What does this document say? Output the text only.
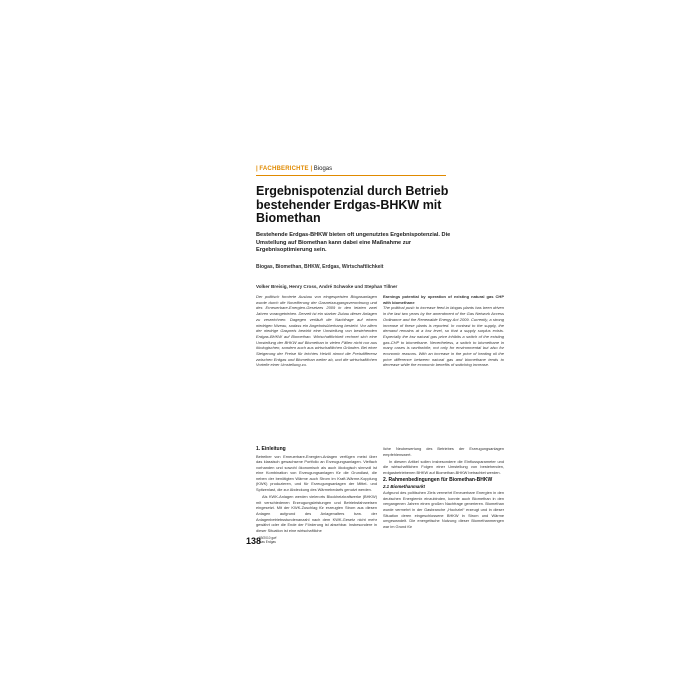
| FACHBERICHTE | Biogas
Ergebnispotenzial durch Betrieb bestehender Erdgas-BHKW mit Biomethan

Bestehende Erdgas-BHKW bieten oft ungenutztes Ergebnispotenzial. Die Umstellung auf Biomethan kann dabei eine Maßnahme zur Ergebnisoptimierung sein.

Biogas, Biomethan, BHKW, Erdgas, Wirtschaftlichkeit

Volker Breisig, Henry Cross, André Schwoke und Stephan Tillner

Der politisch forcierte Ausbau von eingespeisten Biogasanlagen wurde durch die Novellierung der Gasnetzzugangsverordnung und des Erneuerbare-Energien-Gesetzes 2009 in den letzten zwei Jahren vorangetrieben. Derzeit ist ein starker Zubau dieser Anlagen zu verzeichnen. Dagegen verläuft die Nachfrage auf einem niedrigen Niveau, sodass ein Angebotsüberhang besteht. Vor allem der niedrige Gaspreis bewirkt eine Umstellung von bestehenden Erdgas-BHKW auf Biomethan. Wirtschaftlichkeit rechnet sich eine Umstellung der BHKW auf Biomethan in vielen Fällen nicht nur aus ökologischen, sondern auch aus wirtschaftlichen Gründen. Bei einer Steigerung der Preise für leichtes Heizöl nimmt die Preisdifferenz zwischen Erdgas und Biomethan weiter ab, und die wirtschaftlichen Vorteile einer Umstellung zu.

Earnings potential by operation of existing natural gas CHP with biomethane
The political push to increase feed-in biogas plants has been driven in the last two years by the amendment of the Gas Network Access Ordinance and the Renewable Energy Act 2009. Currently, a strong increase of these plants is reported. In contrast to the supply, the demand remains at a low level, so that a supply surplus exists. Especially the low natural gas price inhibits a switch of the existing gas-CHP to biomethane. Nevertheless, a switch to biomethane in many cases is worthwhile, not only for environmental but also for economic reasons. With an increase in the price of heating oil the price difference between natural gas and biomethane tends to decrease while the economic benefits of switching increase.

1. Einleitung

Betreiber von Erneuerbare-Energien-Anlagen verfügen meist über das klassisch gewachsene Portfolio an Erzeugungsanlagen. Vielfach vorhanden und sowohl ökonomisch als auch ökologisch sinnvoll ist eine Kombination von Erzeugungsanlagen für die Grundlast, die neben der benötigten Wärme auch Strom im Kraft-Wärme-Kopplung (KWK) produzieren, und für Erzeugungsanlagen der Mittel- und Spitzenlast, die zur Abdeckung des Wärmebedarfs genutzt werden.

Als KWK-Anlagen werden vielerorts Blockheizkraftwerke (BHKW) mit verschiedenen Erzeugungsleistungen und Betriebsfahrweisen eingesetzt. Mit der KWK-Zuschlag für erzeugten Strom aus diesen Anlagen aufgrund des Anlagenalters bzw. der Anlagenbetriebsstundenanzahl nach dem KWK-Gesetz nicht mehr gewährt oder die Ende der Förderung ist absehbar. Insbesondere in dieser Situation ist eine wirtschaftliche

liche Neubewertung des Betriebes der Erzeugungsanlagen empfehlenswert.

In diesem Artikel sollen insbesondere die Einflussparameter und die wirtschaftlichen Folgen einer Umstellung von bestehenden, erdgasbetriebenen BHKW auf Biomethan-BHKW betrachtet werden.

2. Rahmenbedingungen für Biomethan-BHKW
2.1 Biomethanmarkt

Aufgrund des politischen Ziels vermehrt Erneuerbare Energien in den deutschen Energiemix einzubinden, konnte auch Biomethan in den vergangenen Jahren einen großen Nachfrage generieren. Biomethan wurde vermehrt in der Gasbranche „Hochziel“ erzeugt und in dieser Situation deren eingeschlossene BHKW in Strom und Wärme umgewandelt. Die energetische Nutzung dieser Biomethanmengen war im Grund für

138
09/2010 gwf
Gas Erdgas
